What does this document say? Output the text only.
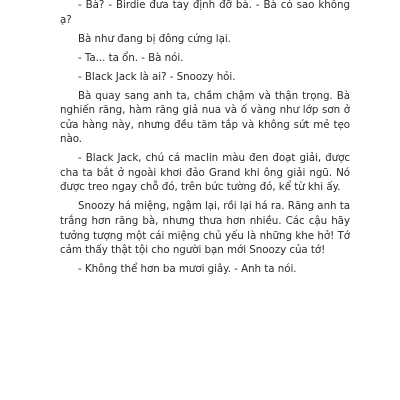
- Bà? - Birdie đưa tay định đỡ bà. - Bà có sao không ạ?

Bà như đang bị đông cứng lại.

- Ta... ta ổn. - Bà nói.

- Black Jack là ai? - Snoozy hỏi.

Bà quay sang anh ta, chầm chậm và thận trọng. Bà nghiến răng, hàm răng giả nua và ố vàng như lớp sơn ở cửa hàng này, nhưng đều tăm tắp và không sứt mẻ tẹo nào.

- Black Jack, chú cá maclin màu đen đoạt giải, được cha ta bắt ở ngoài khơi đảo Grand khi ông giải ngũ. Nó được treo ngay chỗ đó, trên bức tường đó, kể từ khi ấy.

Snoozy há miệng, ngậm lại, rồi lại há ra. Răng anh ta trắng hơn răng bà, nhưng thưa hơn nhiều. Các cậu hãy tưởng tượng một cái miệng chủ yếu là những khe hở! Tớ cảm thấy thật tội cho người bạn mới Snoozy của tớ!

- Không thể hơn ba mươi giây. - Anh ta nói.
